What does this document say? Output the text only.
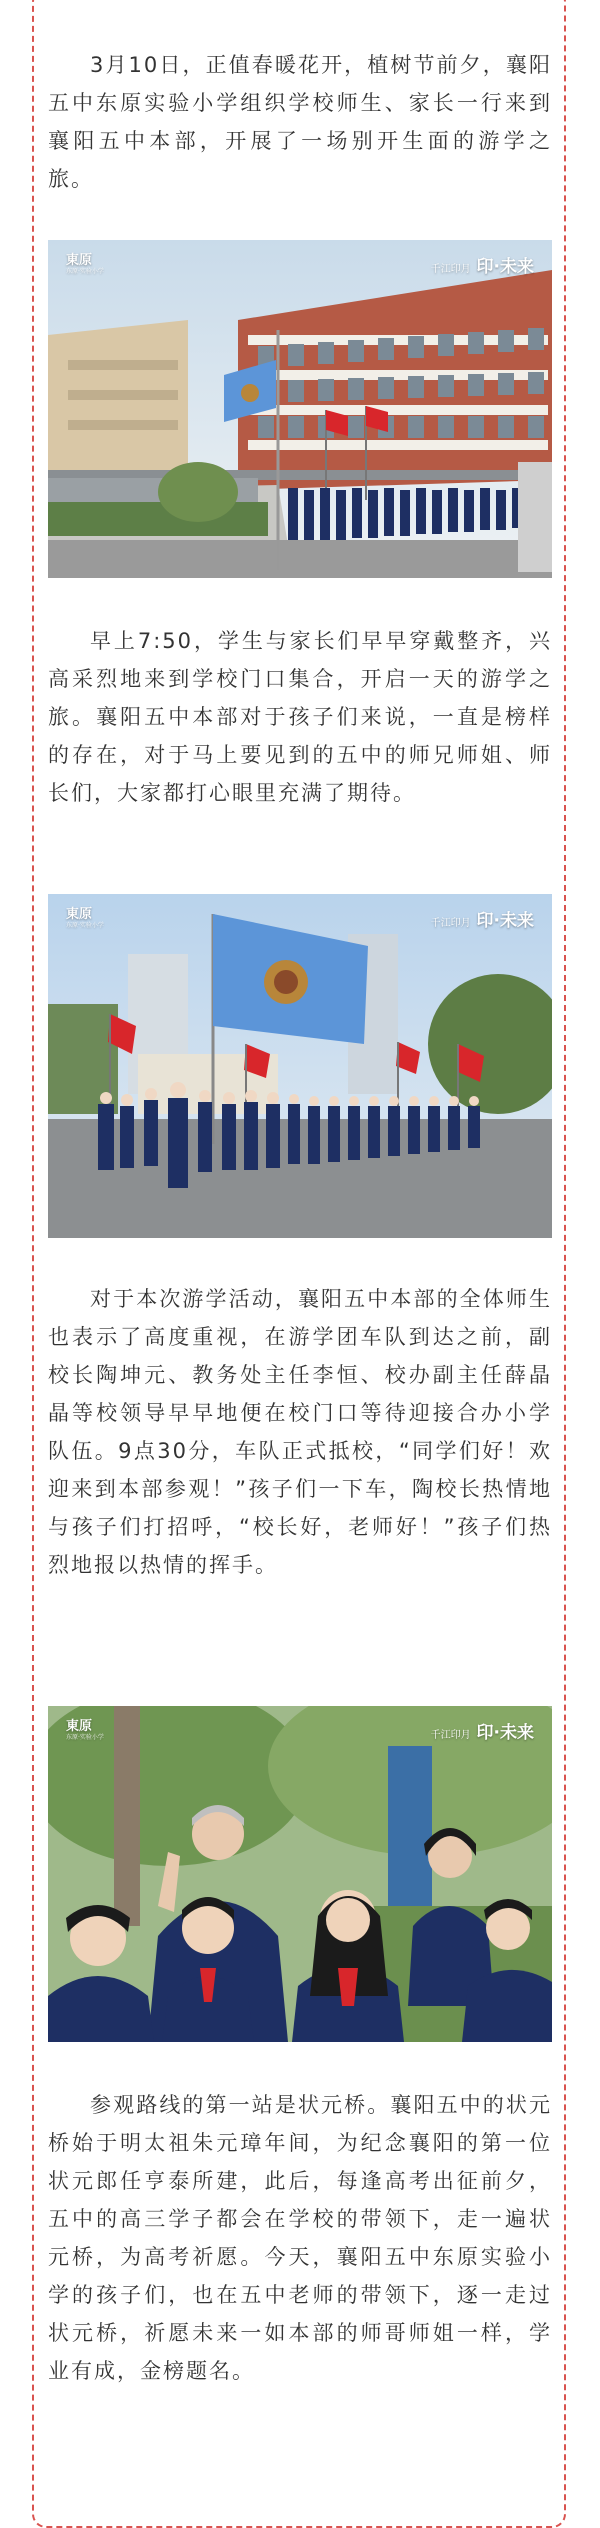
3月10日，正值春暖花开，植树节前夕，襄阳五中东原实验小学组织学校师生、家长一行来到襄阳五中本部，开展了一场别开生面的游学之旅。

東原
东原·实验小学	千江印月 印·未来

早上7:50，学生与家长们早早穿戴整齐，兴高采烈地来到学校门口集合，开启一天的游学之旅。襄阳五中本部对于孩子们来说，一直是榜样的存在，对于马上要见到的五中的师兄师姐、师长们，大家都打心眼里充满了期待。

東原
东原·实验小学	千江印月 印·未来

对于本次游学活动，襄阳五中本部的全体师生也表示了高度重视，在游学团车队到达之前，副校长陶坤元、教务处主任李恒、校办副主任薛晶晶等校领导早早地便在校门口等待迎接合办小学队伍。9点30分，车队正式抵校，“同学们好！欢迎来到本部参观！”孩子们一下车，陶校长热情地与孩子们打招呼，“校长好，老师好！”孩子们热烈地报以热情的挥手。

東原
东原·实验小学	千江印月 印·未来

参观路线的第一站是状元桥。襄阳五中的状元桥始于明太祖朱元璋年间，为纪念襄阳的第一位状元郎任亨泰所建，此后，每逢高考出征前夕，五中的高三学子都会在学校的带领下，走一遍状元桥，为高考祈愿。今天，襄阳五中东原实验小学的孩子们，也在五中老师的带领下，逐一走过状元桥，祈愿未来一如本部的师哥师姐一样，学业有成，金榜题名。
